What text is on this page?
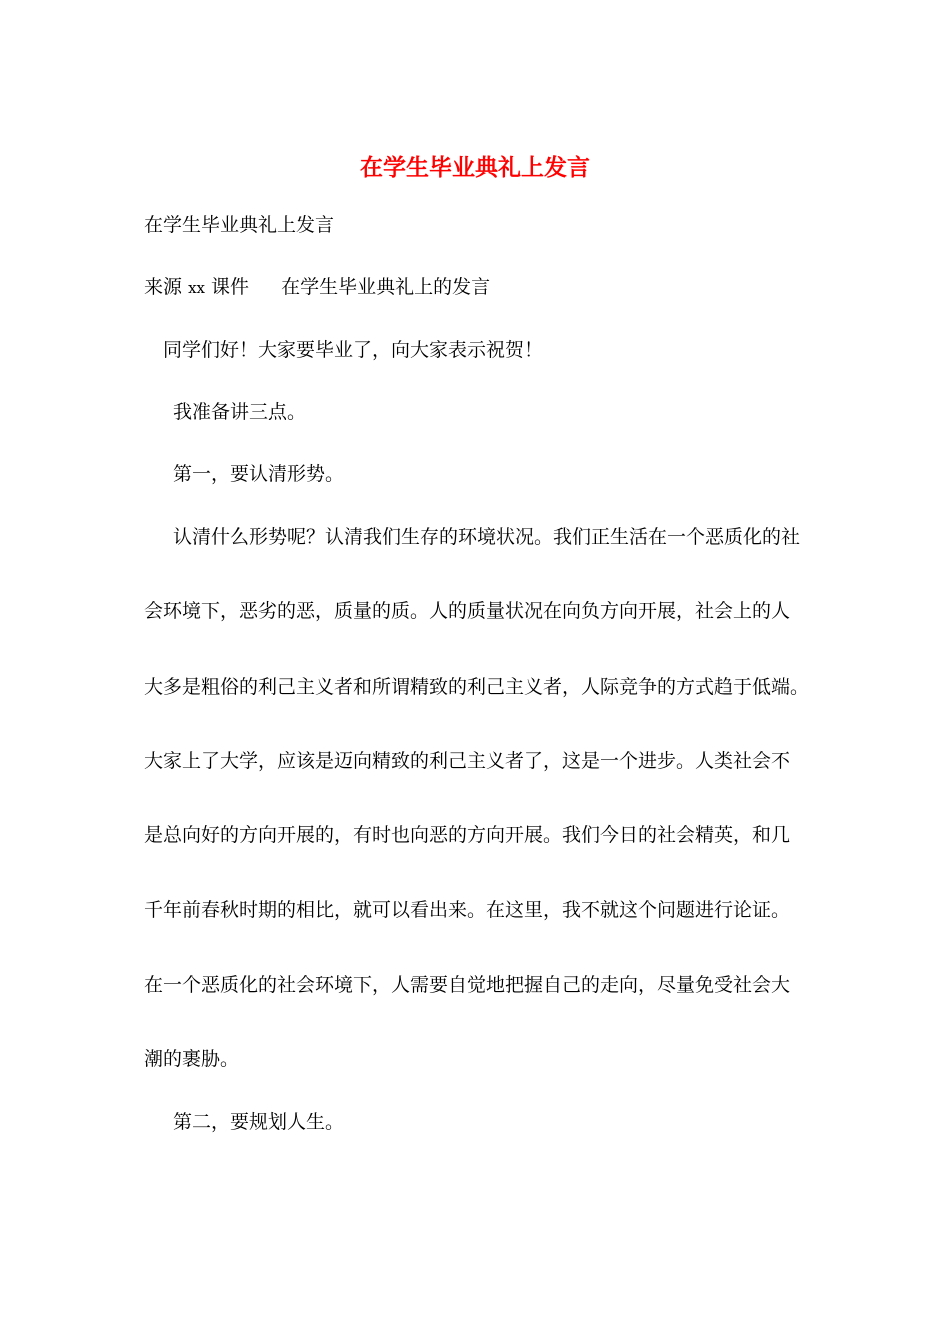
在学生毕业典礼上发言
在学生毕业典礼上发言
来源 xx 课件 在学生毕业典礼上的发言
同学们好！大家要毕业了，向大家表示祝贺！
我准备讲三点。
第一，要认清形势。
认清什么形势呢？认清我们生存的环境状况。我们正生活在一个恶质化的社
会环境下，恶劣的恶，质量的质。人的质量状况在向负方向开展，社会上的人
大多是粗俗的利己主义者和所谓精致的利己主义者，人际竞争的方式趋于低端。
大家上了大学，应该是迈向精致的利己主义者了，这是一个进步。人类社会不
是总向好的方向开展的，有时也向恶的方向开展。我们今日的社会精英，和几
千年前春秋时期的相比，就可以看出来。在这里，我不就这个问题进行论证。
在一个恶质化的社会环境下，人需要自觉地把握自己的走向，尽量免受社会大
潮的裹胁。
第二，要规划人生。
